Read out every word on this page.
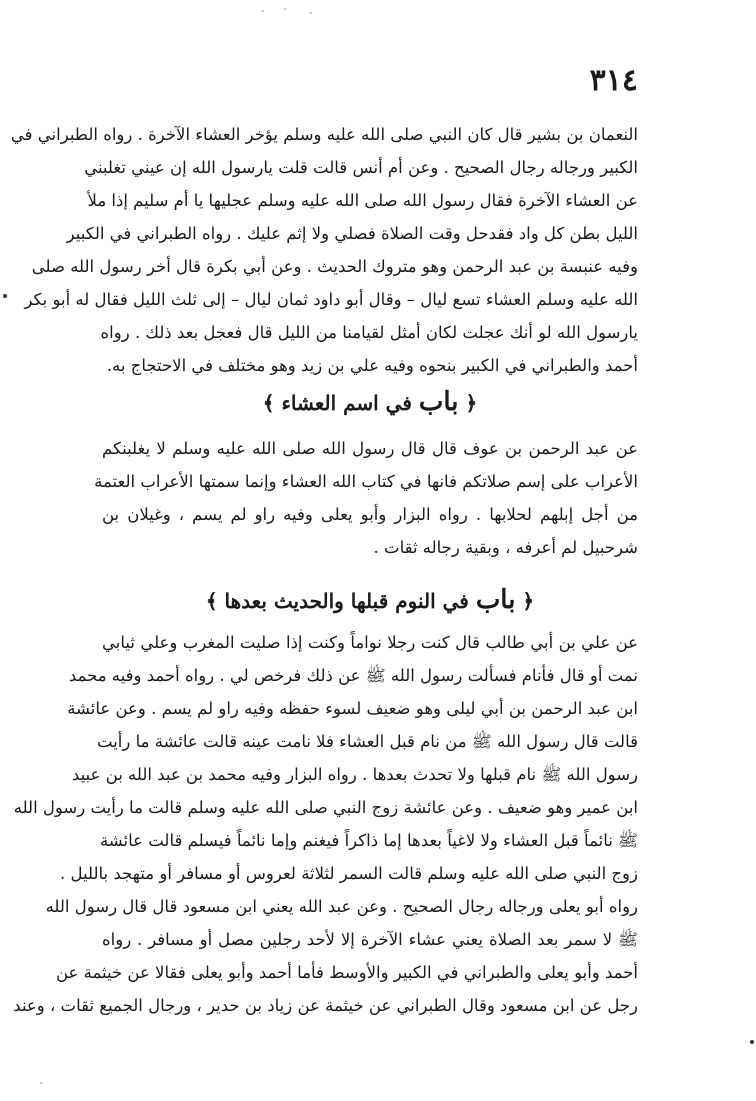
٣١٤
النعمان بن بشير قال كان النبي صلى الله عليه وسلم يؤخر العشاء الآخرة . رواه الطبراني في
الكبير ورجاله رجال الصحيح . وعن أم أنس قالت قلت يارسول الله إن عيني تغلبني
عن العشاء الآخرة فقال رسول الله صلى الله عليه وسلم عجليها يا أم سليم إذا ملأ
الليل بطن كل واد فقدحل وقت الصلاة فصلي ولا إثم عليك . رواه الطبراني في الكبير
وفيه عنبسة بن عبد الرحمن وهو متروك الحديث . وعن أبي بكرة قال أخر رسول الله صلى
الله عليه وسلم العشاء تسع ليال – وقال أبو داود ثمان ليال – إلى ثلث الليل فقال له أبو بكر
يارسول الله لو أنك عجلت لكان أمثل لقيامنا من الليل قال فعجل بعد ذلك . رواه
أحمد والطبراني في الكبير بنحوه وفيه علي بن زيد وهو مختلف في الاحتجاج به.
﴿ باب في اسم العشاء ﴾
عن عبد الرحمن بن عوف قال قال رسول الله صلى الله عليه وسلم لا يغلبنكم
الأعراب على إسم صلاتكم فانها في كتاب الله العشاء وإنما سمتها الأعراب العتمة
من أجل إبلهم لحلابها . رواه البزار وأبو يعلى وفيه راو لم يسم ، وغيلان بن
شرحبيل لم أعرفه ، وبقية رجاله ثقات .
﴿ باب في النوم قبلها والحديث بعدها ﴾
عن علي بن أبي طالب قال كنت رجلا نواماً وكنت إذا صليت المغرب وعلي ثيابي
نمت أو قال فأنام فسألت رسول الله ﷺ عن ذلك فرخص لي . رواه أحمد وفيه محمد
ابن عبد الرحمن بن أبي ليلى وهو ضعيف لسوء حفظه وفيه راو لم يسم . وعن عائشة
قالت قال رسول الله ﷺ من نام قبل العشاء فلا نامت عينه قالت عائشة ما رأيت
رسول الله ﷺ نام قبلها ولا تحدث بعدها . رواه البزار وفيه محمد بن عبد الله بن عبيد
ابن عمير وهو ضعيف . وعن عائشة زوج النبي صلى الله عليه وسلم قالت ما رأيت رسول الله
ﷺ نائماً قبل العشاء ولا لاغياً بعدها إما ذاكراً فيغنم وإما نائماً فيسلم قالت عائشة
زوج النبي صلى الله عليه وسلم قالت السمر لثلاثة لعروس أو مسافر أو متهجد بالليل .
رواه أبو يعلى ورجاله رجال الصحيح . وعن عبد الله يعني ابن مسعود قال قال رسول الله
ﷺ لا سمر بعد الصلاة يعني عشاء الآخرة إلا لأحد رجلين مصل أو مسافر . رواه
أحمد وأبو يعلى والطبراني في الكبير والأوسط فأما أحمد وأبو يعلى فقالا عن خيثمة عن
رجل عن ابن مسعود وقال الطبراني عن خيثمة عن زياد بن حدير ، ورجال الجميع ثقات ، وعند
